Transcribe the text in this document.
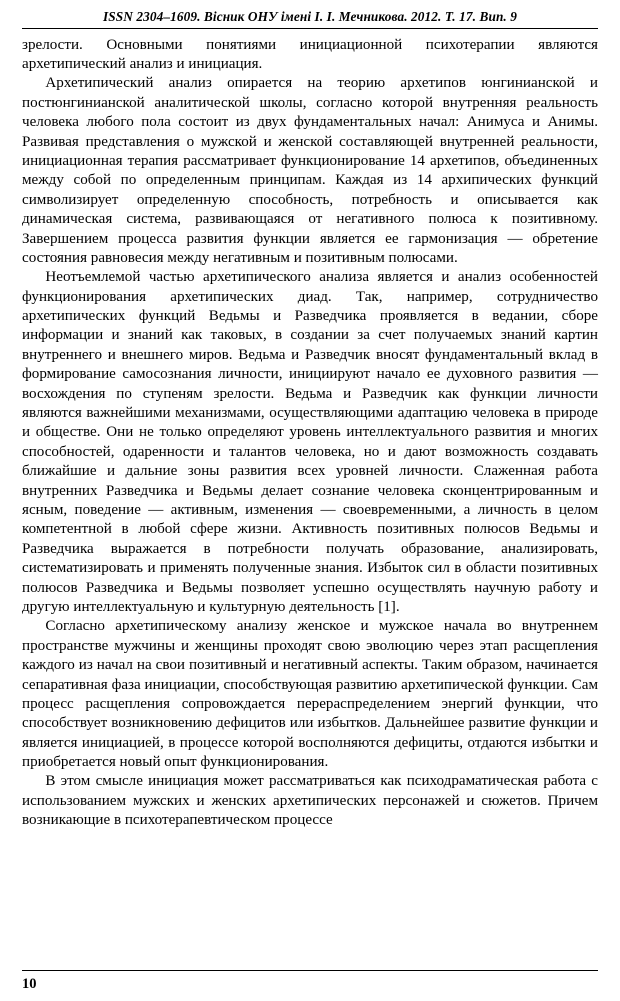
ISSN 2304–1609. Вісник ОНУ імені І. І. Мечникова. 2012. Т. 17. Вип. 9

зрелости. Основными понятиями инициационной психотерапии являются архетипический анализ и инициация.

Архетипический анализ опирается на теорию архетипов юнгинианской и постюнгинианской аналитической школы, согласно которой внутренняя реальность человека любого пола состоит из двух фундаментальных начал: Анимуса и Анимы. Развивая представления о мужской и женской составляющей внутренней реальности, инициационная терапия рассматривает функционирование 14 архетипов, объединенных между собой по определенным принципам. Каждая из 14 архипических функций символизирует определенную способность, потребность и описывается как динамическая система, развивающаяся от негативного полюса к позитивному. Завершением процесса развития функции является ее гармонизация — обретение состояния равновесия между негативным и позитивным полюсами.

Неотъемлемой частью архетипического анализа является и анализ особенностей функционирования архетипических диад. Так, например, сотрудничество архетипических функций Ведьмы и Разведчика проявляется в ведании, сборе информации и знаний как таковых, в создании за счет получаемых знаний картин внутреннего и внешнего миров. Ведьма и Разведчик вносят фундаментальный вклад в формирование самосознания личности, инициируют начало ее духовного развития — восхождения по ступеням зрелости. Ведьма и Разведчик как функции личности являются важнейшими механизмами, осуществляющими адаптацию человека в природе и обществе. Они не только определяют уровень интеллектуального развития и многих способностей, одаренности и талантов человека, но и дают возможность создавать ближайшие и дальние зоны развития всех уровней личности. Слаженная работа внутренних Разведчика и Ведьмы делает сознание человека сконцентрированным и ясным, поведение — активным, изменения — своевременными, а личность в целом компетентной в любой сфере жизни. Активность позитивных полюсов Ведьмы и Разведчика выражается в потребности получать образование, анализировать, систематизировать и применять полученные знания. Избыток сил в области позитивных полюсов Разведчика и Ведьмы позволяет успешно осуществлять научную работу и другую интеллектуальную и культурную деятельность [1].

Согласно архетипическому анализу женское и мужское начала во внутреннем пространстве мужчины и женщины проходят свою эволюцию через этап расщепления каждого из начал на свои позитивный и негативный аспекты. Таким образом, начинается сепаративная фаза инициации, способствующая развитию архетипической функции. Сам процесс расщепления сопровождается перераспределением энергий функции, что способствует возникновению дефицитов или избытков. Дальнейшее развитие функции и является инициацией, в процессе которой восполняются дефициты, отдаются избытки и приобретается новый опыт функционирования.

В этом смысле инициация может рассматриваться как психодраматическая работа с использованием мужских и женских архетипических персонажей и сюжетов. Причем возникающие в психотерапевтическом процессе

10
